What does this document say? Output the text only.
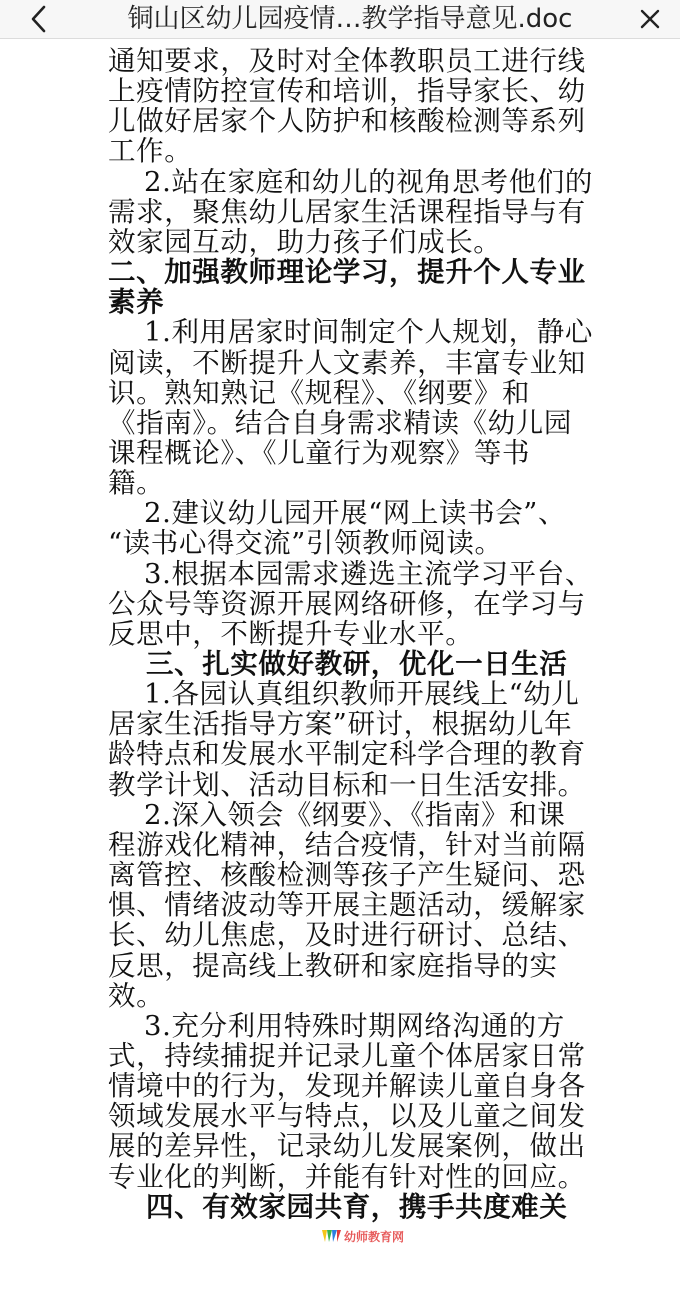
通知要求，及时对全体教职员工进行线
上疫情防控宣传和培训，指导家长、幼
儿做好居家个人防护和核酸检测等系列
工作。
2.站在家庭和幼儿的视角思考他们的
需求，聚焦幼儿居家生活课程指导与有
效家园互动，助力孩子们成长。
二、加强教师理论学习，提升个人专业
素养
1.利用居家时间制定个人规划，静心
阅读，不断提升人文素养，丰富专业知
识。熟知熟记《规程》、《纲要》和
《指南》。结合自身需求精读《幼儿园
课程概论》、《儿童行为观察》等书
籍。
2.建议幼儿园开展“网上读书会”、
“读书心得交流”引领教师阅读。
3.根据本园需求遴选主流学习平台、
公众号等资源开展网络研修，在学习与
反思中，不断提升专业水平。
三、扎实做好教研，优化一日生活
1.各园认真组织教师开展线上“幼儿
居家生活指导方案”研讨，根据幼儿年
龄特点和发展水平制定科学合理的教育
教学计划、活动目标和一日生活安排。
2.深入领会《纲要》、《指南》和课
程游戏化精神，结合疫情，针对当前隔
离管控、核酸检测等孩子产生疑问、恐
惧、情绪波动等开展主题活动，缓解家
长、幼儿焦虑，及时进行研讨、总结、
反思，提高线上教研和家庭指导的实
效。
3.充分利用特殊时期网络沟通的方
式，持续捕捉并记录儿童个体居家日常
情境中的行为，发现并解读儿童自身各
领域发展水平与特点，以及儿童之间发
展的差异性，记录幼儿发展案例，做出
专业化的判断，并能有针对性的回应。
四、有效家园共育，携手共度难关
幼师教育网
铜山区幼儿园疫情…教学指导意见.doc
